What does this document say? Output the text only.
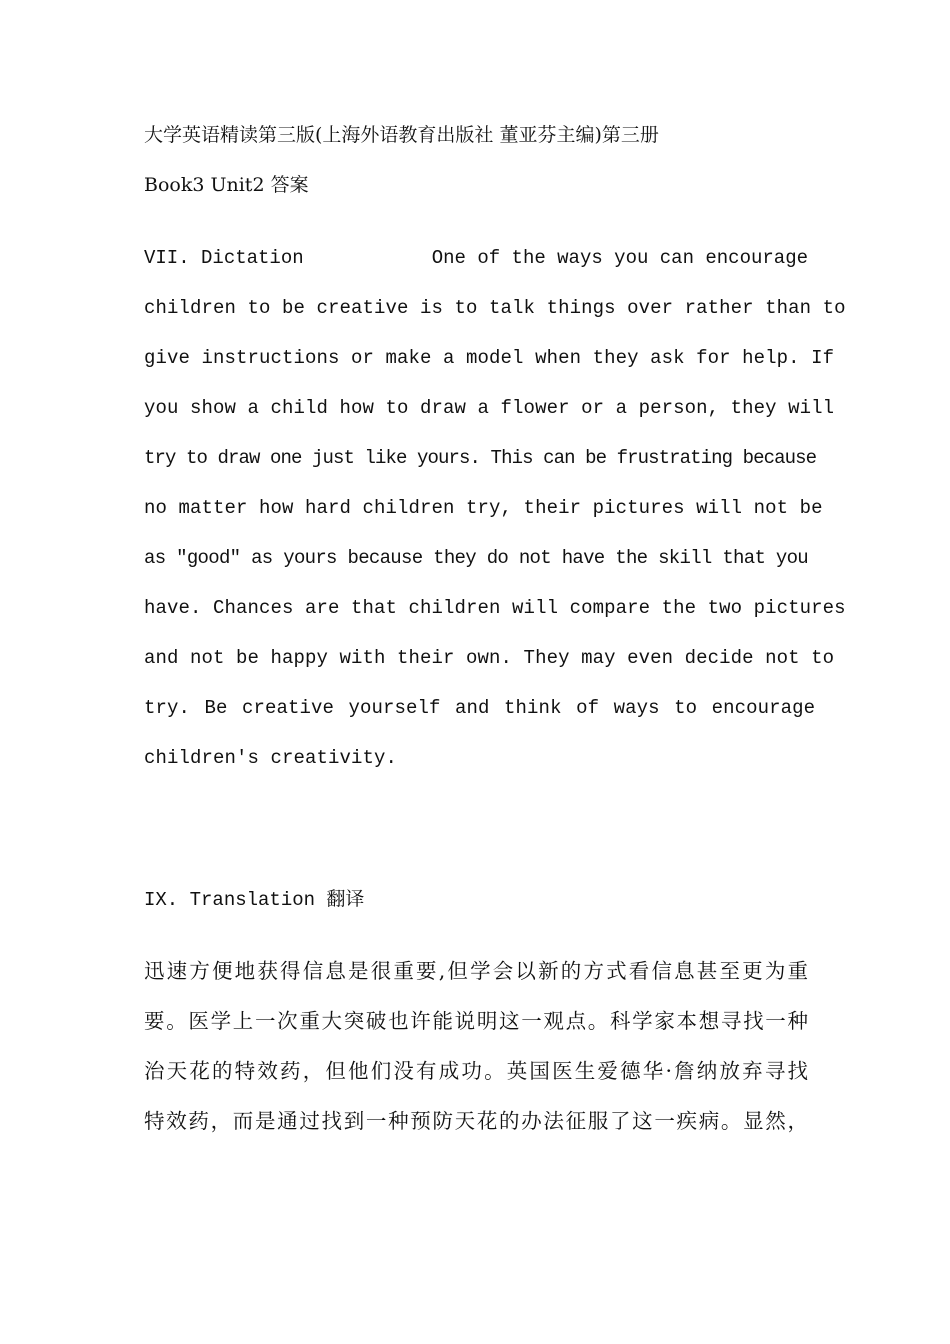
大学英语精读第三版(上海外语教育出版社 董亚芬主编)第三册
Book3 Unit2 答案
VII. Dictation	One of the ways you can encourage
children to be creative is to talk things over rather than to
give instructions or make a model when they ask for help. If
you show a child how to draw a flower or a person, they will
try to draw one just like yours. This can be frustrating because
no matter how hard children try, their pictures will not be
as "good" as yours because they do not have the skill that you
have. Chances are that children will compare the two pictures
and not be happy with their own. They may even decide not to
try. Be creative yourself and think of ways to encourage
children's creativity.
IX. Translation 翻译
迅速方便地获得信息是很重要,但学会以新的方式看信息甚至更为重
要。医学上一次重大突破也许能说明这一观点。科学家本想寻找一种
治天花的特效药，但他们没有成功。英国医生爱德华·詹纳放弃寻找
特效药，而是通过找到一种预防天花的办法征服了这一疾病。显然，
